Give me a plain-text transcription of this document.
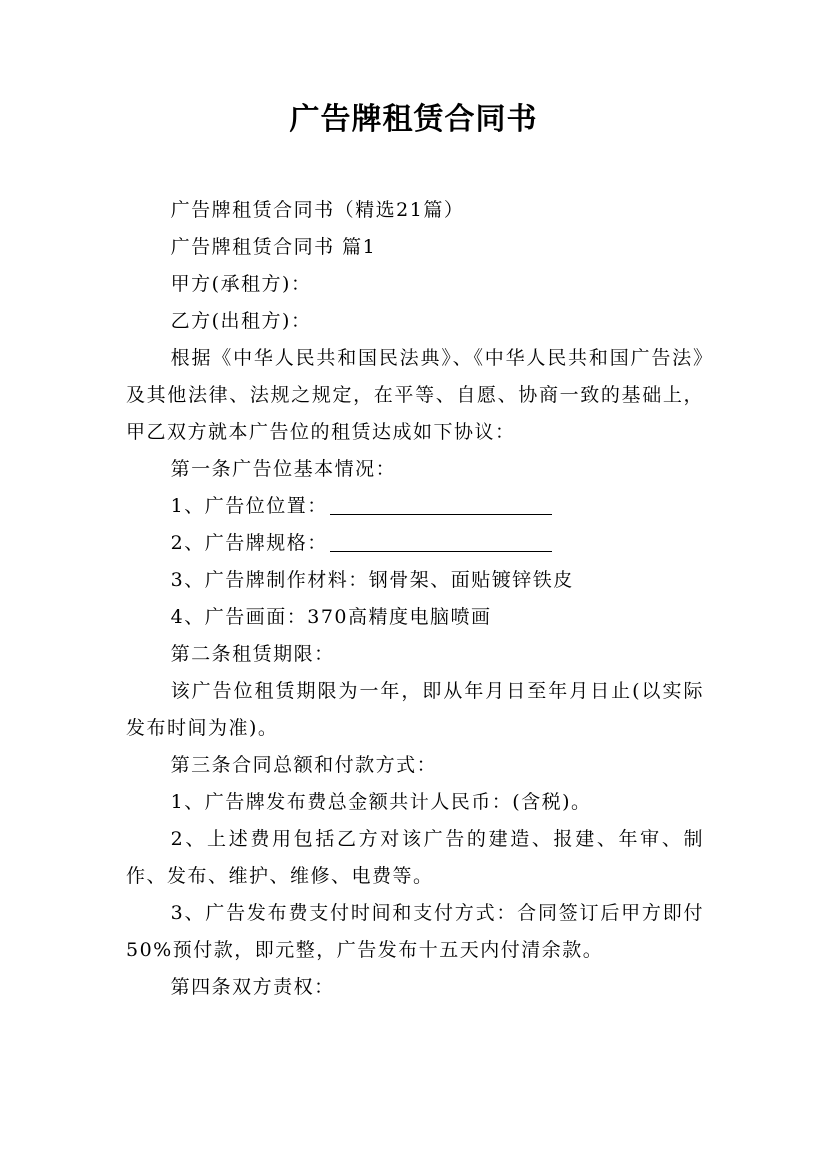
广告牌租赁合同书

广告牌租赁合同书（精选21篇）

广告牌租赁合同书 篇1

甲方(承租方)：

乙方(出租方)：

根据《中华人民共和国民法典》、《中华人民共和国广告法》及其他法律、法规之规定，在平等、自愿、协商一致的基础上，甲乙双方就本广告位的租赁达成如下协议：

第一条广告位基本情况：

1、广告位位置：

2、广告牌规格：

3、广告牌制作材料：钢骨架、面贴镀锌铁皮

4、广告画面：370高精度电脑喷画

第二条租赁期限：

该广告位租赁期限为一年，即从年月日至年月日止(以实际发布时间为准)。

第三条合同总额和付款方式：

1、广告牌发布费总金额共计人民币：(含税)。

2、上述费用包括乙方对该广告的建造、报建、年审、制作、发布、维护、维修、电费等。

3、广告发布费支付时间和支付方式：合同签订后甲方即付50%预付款，即元整，广告发布十五天内付清余款。

第四条双方责权：
